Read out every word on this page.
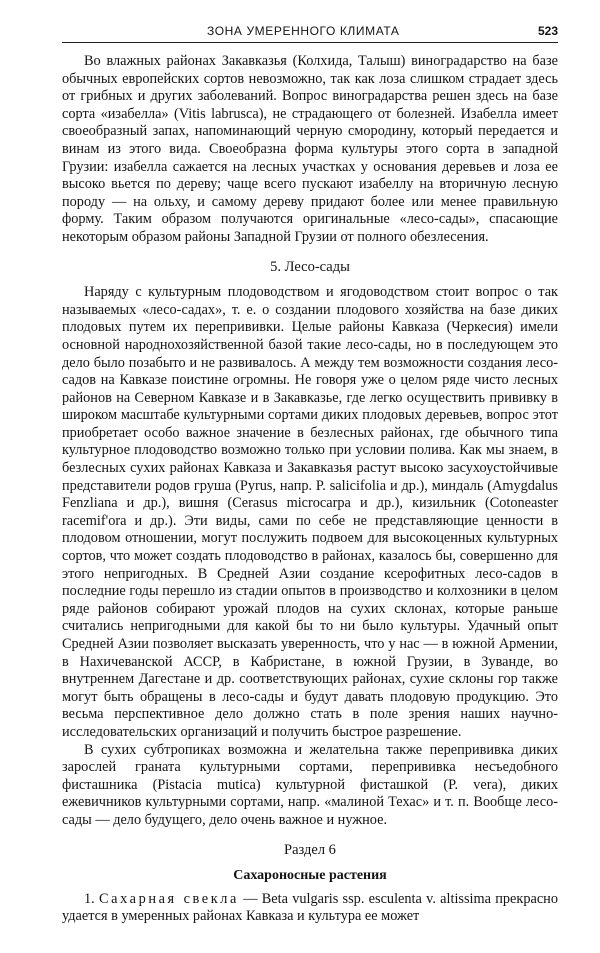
ЗОНА УМЕРЕННОГО КЛИМАТА	523

Во влажных районах Закавказья (Колхида, Талыш) виноградарство на базе обычных европейских сортов невозможно, так как лоза слишком страдает здесь от грибных и других заболеваний. Вопрос виноградарства решен здесь на базе сорта «изабелла» (Vitis labrusca), не страдающего от болезней. Изабелла имеет своеобразный запах, напоминающий черную смородину, который передается и винам из этого вида. Своеобразна форма культуры этого сорта в западной Грузии: изабелла сажается на лесных участках у основания деревьев и лоза ее высоко вьется по дереву; чаще всего пускают изабеллу на вторичную лесную породу — на ольху, и самому дереву придают более или менее правильную форму. Таким образом получаются оригинальные «лесо-сады», спасающие некоторым образом районы Западной Грузии от полного обезлесения.

5. Лесо-сады

Наряду с культурным плодоводством и ягодоводством стоит вопрос о так называемых «лесо-садах», т. е. о создании плодового хозяйства на базе диких плодовых путем их перепрививки. Целые районы Кавказа (Черкесия) имели основной народнохозяйственной базой такие лесо-сады, но в последующем это дело было позабыто и не развивалось. А между тем возможности создания лесо-садов на Кавказе поистине огромны. Не говоря уже о целом ряде чисто лесных районов на Северном Кавказе и в Закавказье, где легко осуществить прививку в широком масштабе культурными сортами диких плодовых деревьев, вопрос этот приобретает особо важное значение в безлесных районах, где обычного типа культурное плодоводство возможно только при условии полива. Как мы знаем, в безлесных сухих районах Кавказа и Закавказья растут высоко засухоустойчивые представители родов груша (Pyrus, напр. P. salicifolia и др.), миндаль (Amygdalus Fenzliana и др.), вишня (Cerasus microcarpa и др.), кизильник (Cotoneaster racemif'ora и др.). Эти виды, сами по себе не представляющие ценности в плодовом отношении, могут послужить подвоем для высокоценных культурных сортов, что может создать плодоводство в районах, казалось бы, совершенно для этого непригодных. В Средней Азии создание ксерофитных лесо-садов в последние годы перешло из стадии опытов в производство и колхозники в целом ряде районов собирают урожай плодов на сухих склонах, которые раньше считались непригодными для какой бы то ни было культуры. Удачный опыт Средней Азии позволяет высказать уверенность, что у нас — в южной Армении, в Нахичеванской АССР, в Кабристане, в южной Грузии, в Зуванде, во внутреннем Дагестане и др. соответствующих районах, сухие склоны гор также могут быть обращены в лесо-сады и будут давать плодовую продукцию. Это весьма перспективное дело должно стать в поле зрения наших научно-исследовательских организаций и получить быстрое разрешение.

В сухих субтропиках возможна и желательна также перепрививка диких зарослей граната культурными сортами, перепрививка несъедобного фисташника (Pistacia mutica) культурной фисташкой (P. vera), диких ежевичников культурными сортами, напр. «малиной Техас» и т. п. Вообще лесо-сады — дело будущего, дело очень важное и нужное.

Раздел 6
Сахароносные растения

1. Сахарная свекла — Beta vulgaris ssp. esculenta v. altissima прекрасно удается в умеренных районах Кавказа и культура ее может
